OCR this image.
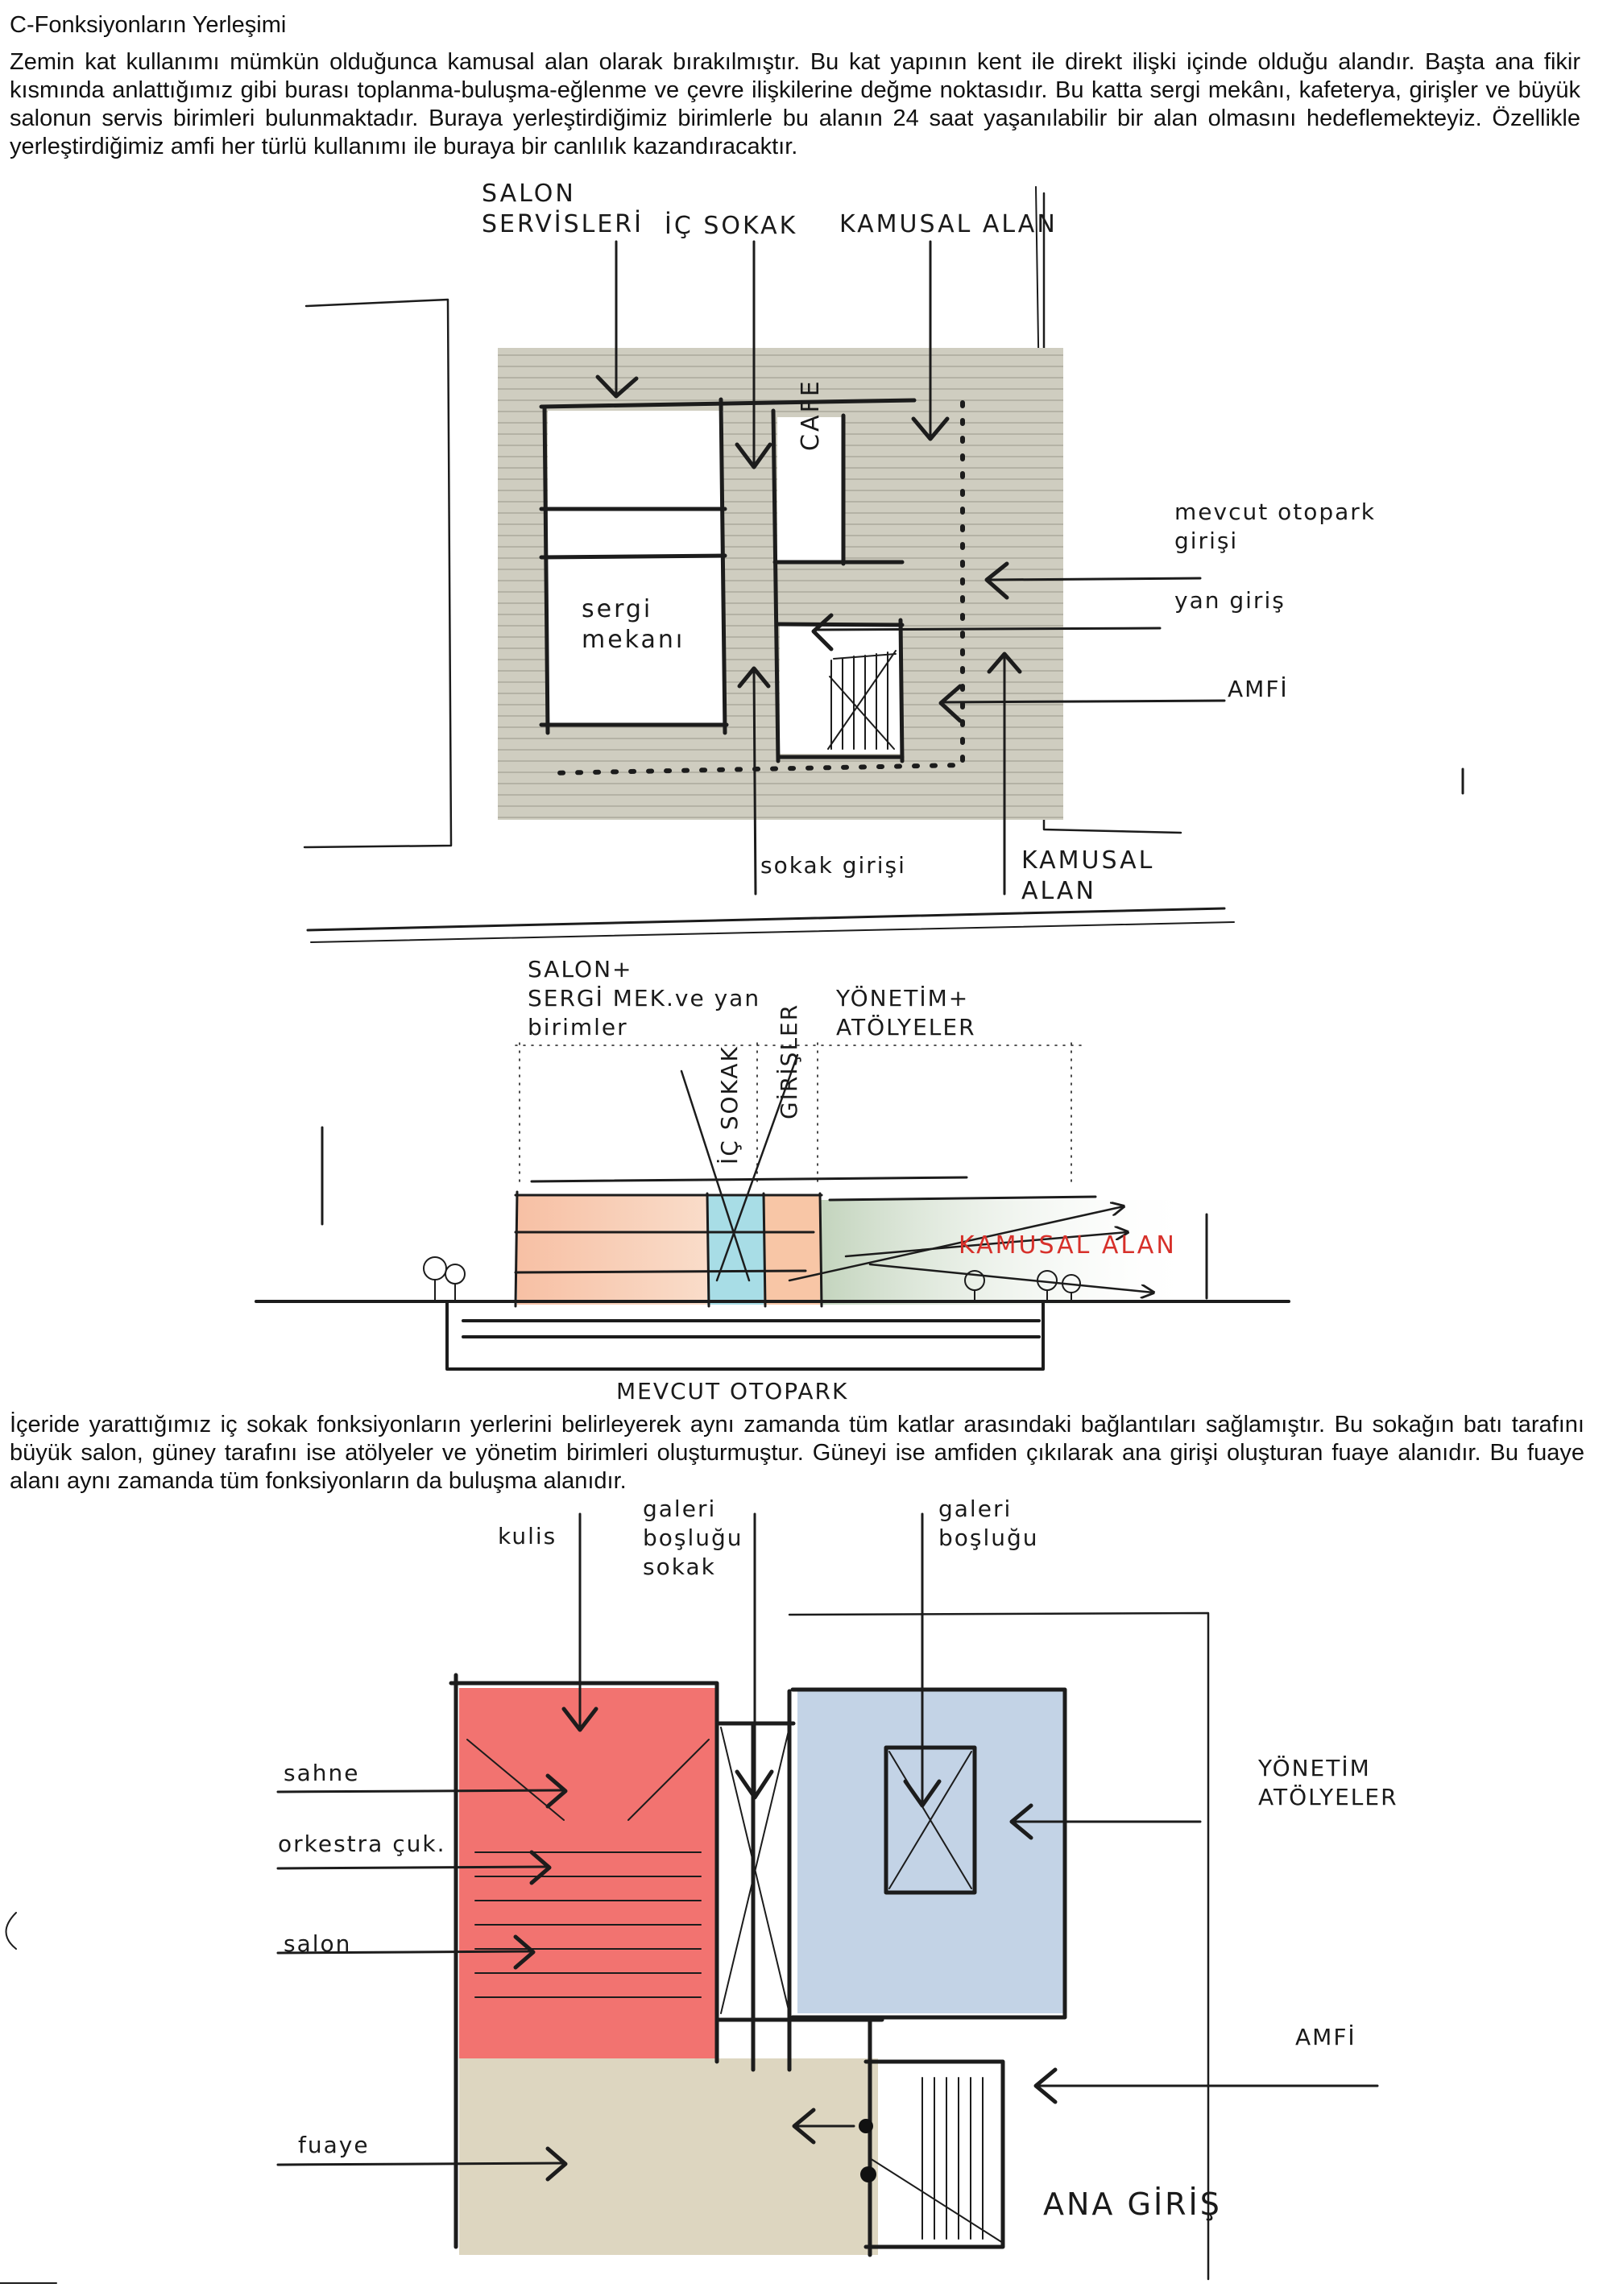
C-Fonksiyonların Yerleşimi

Zemin kat kullanımı mümkün olduğunca kamusal alan olarak bırakılmıştır. Bu kat yapının kent ile direkt ilişki içinde olduğu alandır. Başta ana fikir kısmında anlattığımız gibi burası toplanma-buluşma-eğlenme ve çevre ilişkilerine değme noktasıdır. Bu katta sergi mekânı, kafeterya, girişler ve büyük salonun servis birimleri bulunmaktadır. Buraya yerleştirdiğimiz birimlerle bu alanın 24 saat yaşanılabilir bir alan olmasını hedeflemekteyiz. Özellikle yerleştirdiğimiz amfi her türlü kullanımı ile buraya bir canlılık kazandıracaktır.

İçeride yarattığımız iç sokak fonksiyonların yerlerini belirleyerek aynı zamanda tüm katlar arasındaki bağlantıları sağlamıştır. Bu sokağın batı tarafını büyük salon, güney tarafını ise atölyeler ve yönetim birimleri oluşturmuştur. Güneyi ise amfiden çıkılarak ana girişi oluşturan fuaye alanıdır. Bu fuaye alanı aynı zamanda tüm fonksiyonların da buluşma alanıdır.

SALON
SERVİSLERİ İÇ SOKAK KAMUSAL ALAN
CAFE
sergi
mekanı
mevcut otopark
girişi
yan giriş
AMFİ
sokak girişi	KAMUSAL
ALAN
SALON+
SERGİ MEK.ve yan
birimler
İÇ SOKAK GİRİŞLER
YÖNETİM+
ATÖLYELER
KAMUSAL ALAN
MEVCUT OTOPARK
kulis
galeri
boşluğu
sokak
galeri
boşluğu
sahne
orkestra çuk.
salon
fuaye
YÖNETİM
ATÖLYELER
AMFİ
ANA GİRİŞ
